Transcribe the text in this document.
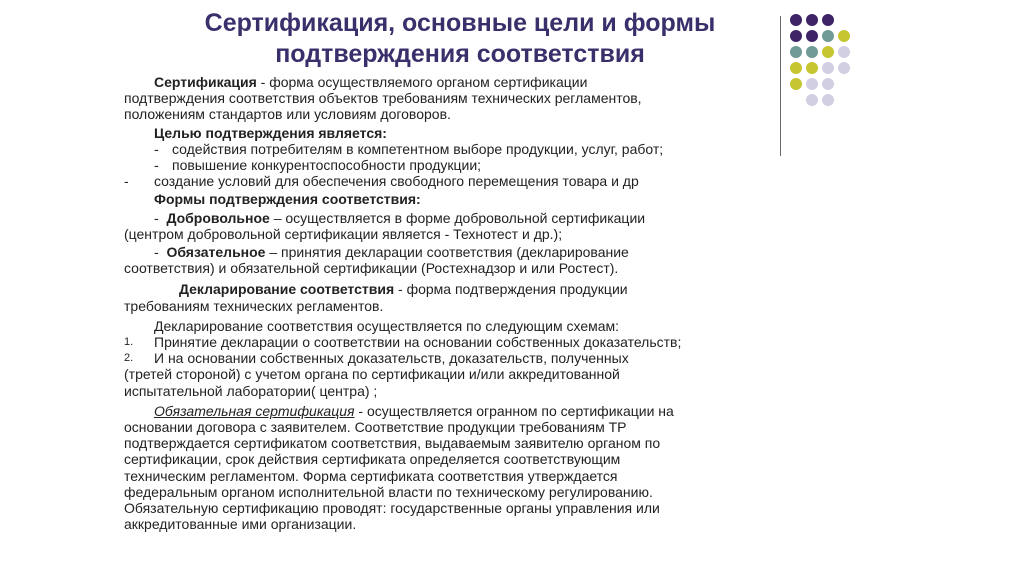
Сертификация, основные цели и формы
подтверждения соответствия

Сертификация - форма осуществляемого органом сертификации

подтверждения соответствия объектов требованиям технических регламентов,

положениям стандартов или условиям договоров.

Целью подтверждения является:

- содействия потребителям в компетентном выборе продукции, услуг, работ;
- повышение конкурентоспособности продукции;
-	создание условий для обеспечения свободного перемещения товара и др

Формы подтверждения соответствия:

- Добровольное – осуществляется в форме добровольной сертификации

(центром добровольной сертификации является - Технотест и др.);

- Обязательное – принятия декларации соответствия (декларирование

соответствия) и обязательной сертификации (Ростехнадзор и или Ростест).

Декларирование соответствия - форма подтверждения продукции

требованиям технических регламентов.

Декларирование соответствия осуществляется по следующим схемам:

1.	Принятие декларации о соответствии на основании собственных доказательств;
2.	И на основании собственных доказательств, доказательств, полученных

(третей стороной) с учетом органа по сертификации и/или аккредитованной

испытательной лаборатории( центра) ;

Обязательная сертификация - осуществляется огранном по сертификации на

основании договора с заявителем. Соответствие продукции требованиям ТР

подтверждается сертификатом соответствия, выдаваемым заявителю органом по

сертификации, срок действия сертификата определяется соответствующим

техническим регламентом. Форма сертификата соответствия утверждается

федеральным органом исполнительной власти по техническому регулированию.

Обязательную сертификацию проводят: государственные органы управления или

аккредитованные ими организации.
